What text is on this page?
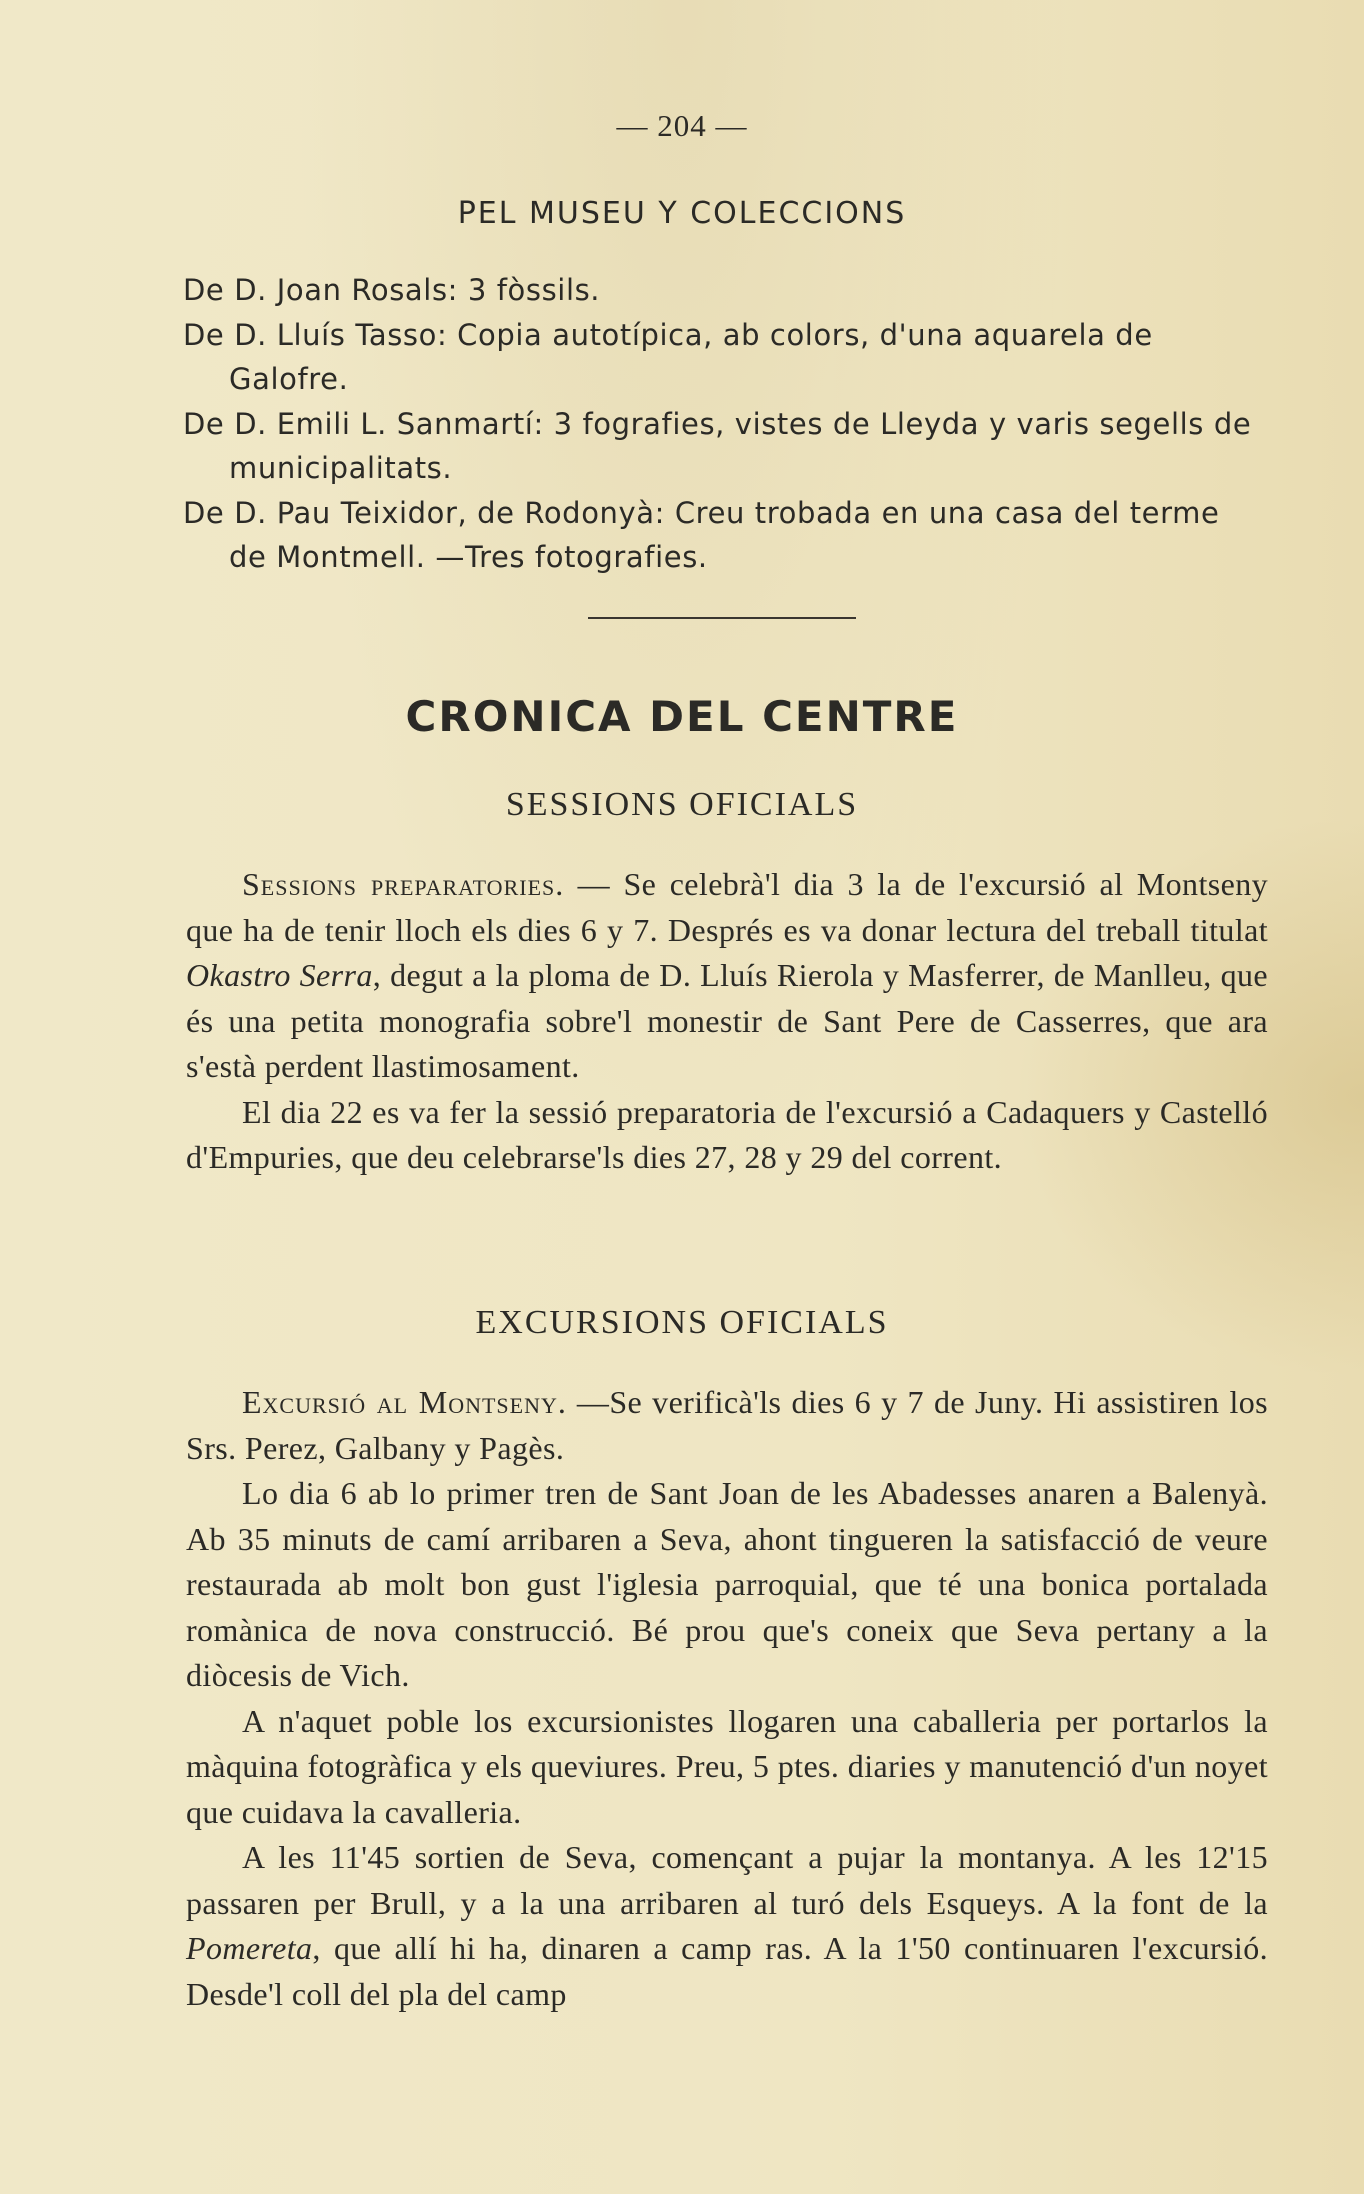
— 204 —
PEL MUSEU Y COLECCIONS

De D. Joan Rosals: 3 fòssils.

De D. Lluís Tasso: Copia autotípica, ab colors, d'una aquarela de Galofre.

De D. Emili L. Sanmartí: 3 fografies, vistes de Lleyda y varis segells de municipalitats.

De D. Pau Teixidor, de Rodonyà: Creu trobada en una casa del terme de Montmell. —Tres fotografies.

CRONICA DEL CENTRE
SESSIONS OFICIALS

Sessions preparatories. — Se celebrà'l dia 3 la de l'excursió al Montseny que ha de tenir lloch els dies 6 y 7. Després es va donar lectura del treball titulat Okastro Serra, degut a la ploma de D. Lluís Rierola y Masferrer, de Manlleu, que és una petita monografia sobre'l monestir de Sant Pere de Casserres, que ara s'està perdent llastimosament.

El dia 22 es va fer la sessió preparatoria de l'excursió a Cadaquers y Castelló d'Empuries, que deu celebrarse'ls dies 27, 28 y 29 del corrent.

EXCURSIONS OFICIALS

Excursió al Montseny. —Se verificà'ls dies 6 y 7 de Juny. Hi assistiren los Srs. Perez, Galbany y Pagès.

Lo dia 6 ab lo primer tren de Sant Joan de les Abadesses anaren a Balenyà. Ab 35 minuts de camí arribaren a Seva, ahont tingueren la satisfacció de veure restaurada ab molt bon gust l'iglesia parroquial, que té una bonica portalada romànica de nova construcció. Bé prou que's coneix que Seva pertany a la diòcesis de Vich.

A n'aquet poble los excursionistes llogaren una caballeria per portarlos la màquina fotogràfica y els queviures. Preu, 5 ptes. diaries y manutenció d'un noyet que cuidava la cavalleria.

A les 11'45 sortien de Seva, començant a pujar la montanya. A les 12'15 passaren per Brull, y a la una arribaren al turó dels Esqueys. A la font de la Pomereta, que allí hi ha, dinaren a camp ras. A la 1'50 continuaren l'excursió. Desde'l coll del pla del camp
